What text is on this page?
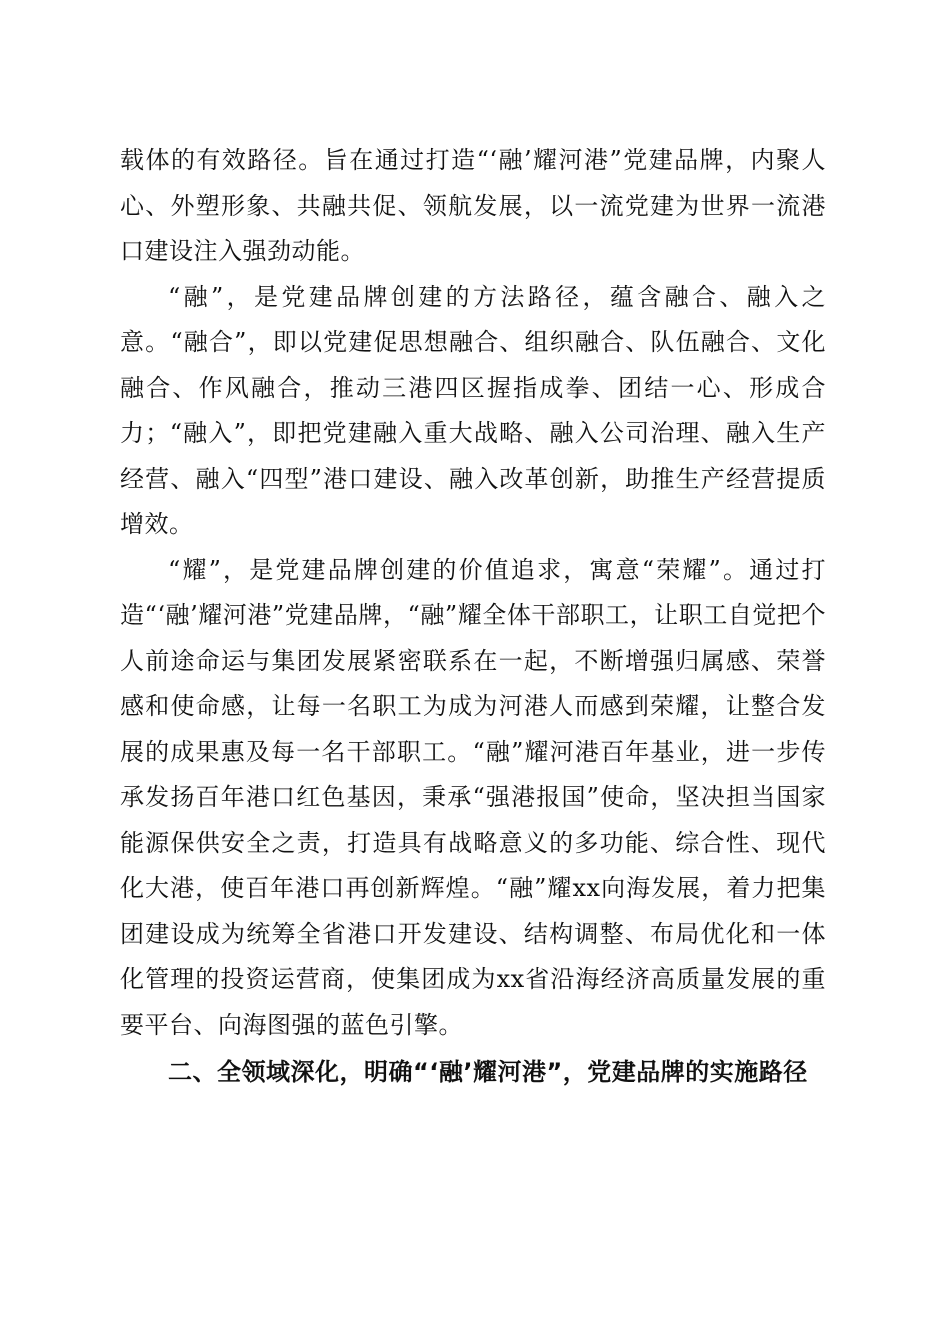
载体的有效路径。旨在通过打造“‘融’耀河港”党建品牌，内聚人心、外塑形象、共融共促、领航发展，以一流党建为世界一流港口建设注入强劲动能。

“融”，是党建品牌创建的方法路径，蕴含融合、融入之意。“融合”，即以党建促思想融合、组织融合、队伍融合、文化融合、作风融合，推动三港四区握指成拳、团结一心、形成合力；“融入”，即把党建融入重大战略、融入公司治理、融入生产经营、融入“四型”港口建设、融入改革创新，助推生产经营提质增效。

“耀”，是党建品牌创建的价值追求，寓意“荣耀”。通过打造“‘融’耀河港”党建品牌，“融”耀全体干部职工，让职工自觉把个人前途命运与集团发展紧密联系在一起，不断增强归属感、荣誉感和使命感，让每一名职工为成为河港人而感到荣耀，让整合发展的成果惠及每一名干部职工。“融”耀河港百年基业，进一步传承发扬百年港口红色基因，秉承“强港报国”使命，坚决担当国家能源保供安全之责，打造具有战略意义的多功能、综合性、现代化大港，使百年港口再创新辉煌。“融”耀xx向海发展，着力把集团建设成为统筹全省港口开发建设、结构调整、布局优化和一体化管理的投资运营商，使集团成为xx省沿海经济高质量发展的重要平台、向海图强的蓝色引擎。

二、全领域深化，明确“‘融’耀河港”，党建品牌的实施路径
